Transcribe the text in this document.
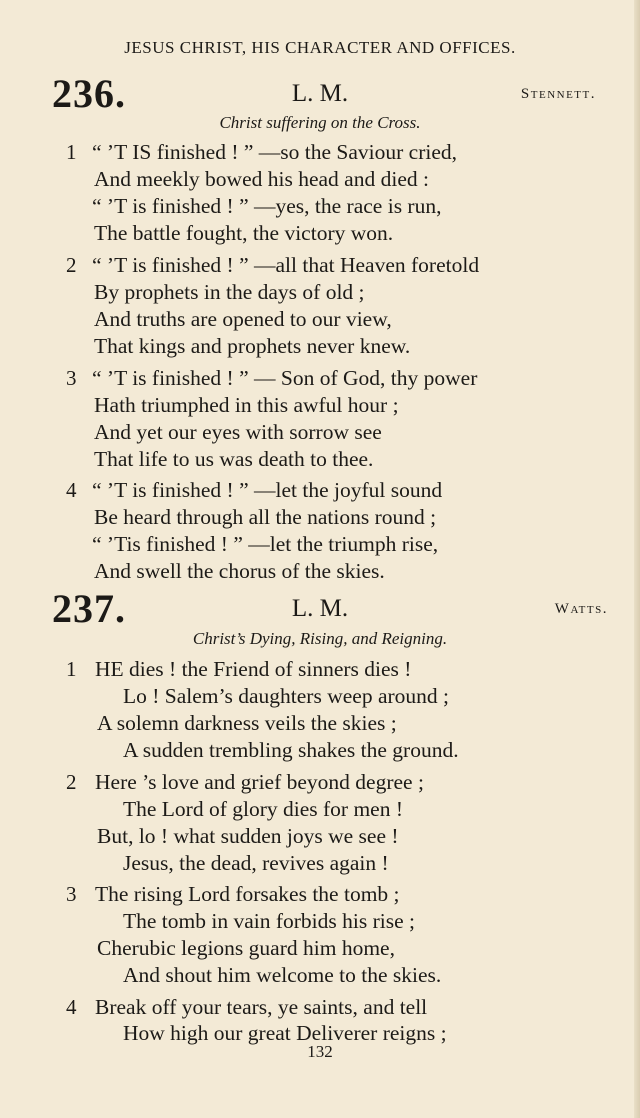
JESUS CHRIST, HIS CHARACTER AND OFFICES.
236.	L. M.	Stennett.
Christ suffering on the Cross.
1 “ ’T IS finished ! ” —so the Saviour cried,
And meekly bowed his head and died :
“ ’T is finished ! ” —yes, the race is run,
The battle fought, the victory won.
2 “ ’T is finished ! ” —all that Heaven foretold
By prophets in the days of old ;
And truths are opened to our view,
That kings and prophets never knew.
3 “ ’T is finished ! ” — Son of God, thy power
Hath triumphed in this awful hour ;
And yet our eyes with sorrow see
That life to us was death to thee.
4 “ ’T is finished ! ” —let the joyful sound
Be heard through all the nations round ;
“ ’Tis finished ! ” —let the triumph rise,
And swell the chorus of the skies.
237.	L. M.	Watts.
Christ’s Dying, Rising, and Reigning.
1 HE dies ! the Friend of sinners dies !
Lo ! Salem’s daughters weep around ;
A solemn darkness veils the skies ;
A sudden trembling shakes the ground.
2 Here ’s love and grief beyond degree ;
The Lord of glory dies for men !
But, lo ! what sudden joys we see !
Jesus, the dead, revives again !
3 The rising Lord forsakes the tomb ;
The tomb in vain forbids his rise ;
Cherubic legions guard him home,
And shout him welcome to the skies.
4 Break off your tears, ye saints, and tell
How high our great Deliverer reigns ;
132
